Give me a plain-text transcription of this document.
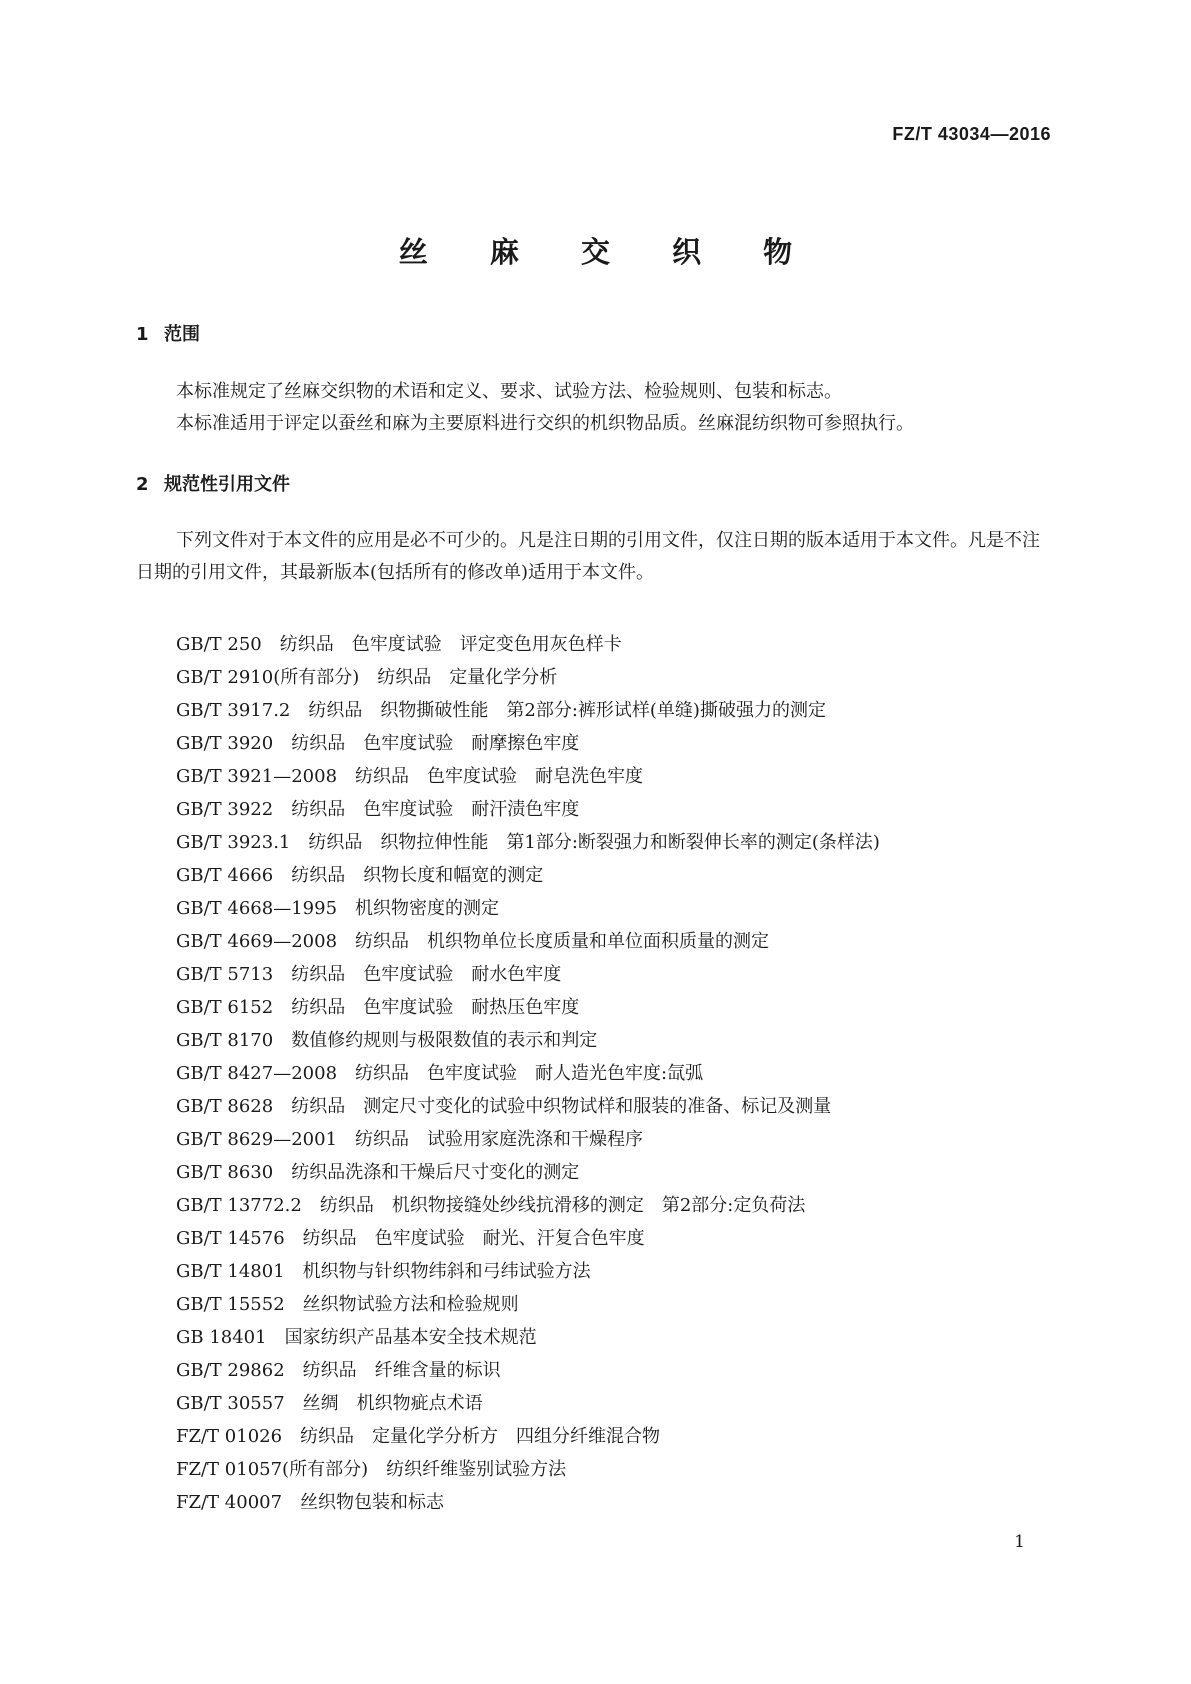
FZ/T 43034—2016
丝 麻 交 织 物
1 范围

本标准规定了丝麻交织物的术语和定义、要求、试验方法、检验规则、包装和标志。

本标准适用于评定以蚕丝和麻为主要原料进行交织的机织物品质。丝麻混纺织物可参照执行。

2 规范性引用文件

下列文件对于本文件的应用是必不可少的。凡是注日期的引用文件，仅注日期的版本适用于本文件。凡是不注日期的引用文件，其最新版本(包括所有的修改单)适用于本文件。

GB/T 250 纺织品　色牢度试验　评定变色用灰色样卡
GB/T 2910(所有部分) 纺织品　定量化学分析
GB/T 3917.2 纺织品　织物撕破性能　第2部分:裤形试样(单缝)撕破强力的测定
GB/T 3920 纺织品　色牢度试验　耐摩擦色牢度
GB/T 3921—2008 纺织品　色牢度试验　耐皂洗色牢度
GB/T 3922 纺织品　色牢度试验　耐汗渍色牢度
GB/T 3923.1 纺织品　织物拉伸性能　第1部分:断裂强力和断裂伸长率的测定(条样法)
GB/T 4666 纺织品　织物长度和幅宽的测定
GB/T 4668—1995 机织物密度的测定
GB/T 4669—2008 纺织品　机织物单位长度质量和单位面积质量的测定
GB/T 5713 纺织品　色牢度试验　耐水色牢度
GB/T 6152 纺织品　色牢度试验　耐热压色牢度
GB/T 8170 数值修约规则与极限数值的表示和判定
GB/T 8427—2008 纺织品　色牢度试验　耐人造光色牢度:氙弧
GB/T 8628 纺织品　测定尺寸变化的试验中织物试样和服装的准备、标记及测量
GB/T 8629—2001 纺织品　试验用家庭洗涤和干燥程序
GB/T 8630 纺织品洗涤和干燥后尺寸变化的测定
GB/T 13772.2 纺织品　机织物接缝处纱线抗滑移的测定　第2部分:定负荷法
GB/T 14576 纺织品　色牢度试验　耐光、汗复合色牢度
GB/T 14801 机织物与针织物纬斜和弓纬试验方法
GB/T 15552 丝织物试验方法和检验规则
GB 18401 国家纺织产品基本安全技术规范
GB/T 29862 纺织品　纤维含量的标识
GB/T 30557 丝绸　机织物疵点术语
FZ/T 01026 纺织品　定量化学分析方　四组分纤维混合物
FZ/T 01057(所有部分) 纺织纤维鉴别试验方法
FZ/T 40007 丝织物包装和标志
1
